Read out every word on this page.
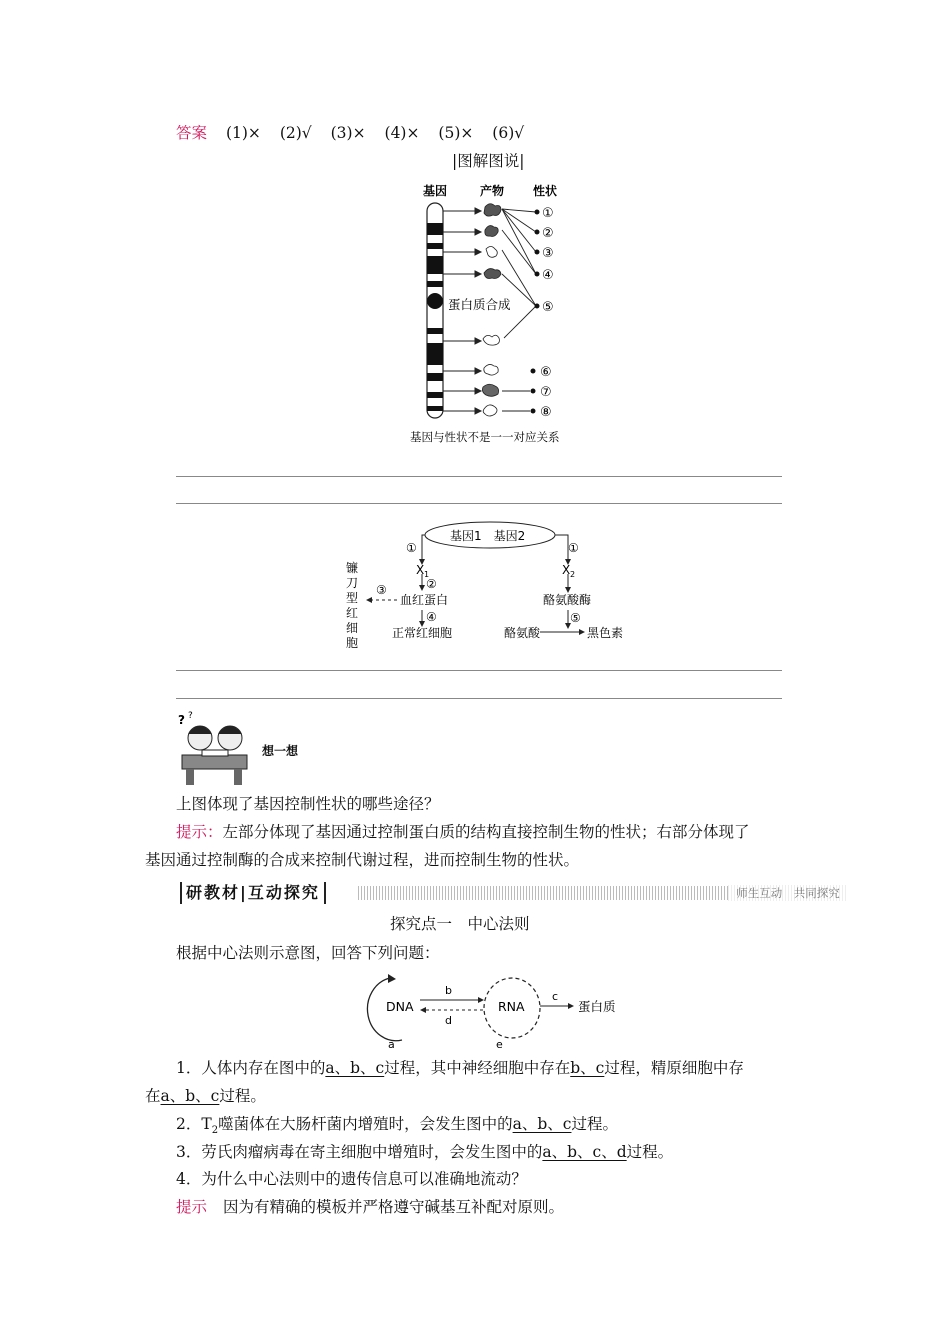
答案 (1)× (2)√ (3)× (4)× (5)× (6)√
|图解图说|
基因	产物 性状
蛋白质合成
①
②
③
④
⑤
⑥
⑦
⑧
基因与性状不是一一对应关系
基因1　基因2
①	①
X 1	X 2
②
③
血红蛋白
④
正常红细胞
酪氨酸酶
⑤
酪氨酸	黑色素
镰
刀
型
红
细
胞
? ?
想一想
上图体现了基因控制性状的哪些途径？
提示：左部分体现了基因通过控制蛋白质的结构直接控制生物的性状；右部分体现了
基因通过控制酶的合成来控制代谢过程，进而控制生物的性状。
研教材|互动探究	师生互动　共同探究
探究点一　中心法则
根据中心法则示意图，回答下列问题：
DNA
a
b
d
RNA
e
c
蛋白质
1．人体内存在图中的a、b、c过程，其中神经细胞中存在b、c过程，精原细胞中存
在a、b、c过程。
2．$T_2$噬菌体在大肠杆菌内增殖时，会发生图中的a、b、c过程。
3．劳氏肉瘤病毒在寄主细胞中增殖时，会发生图中的a、b、c、d过程。
4．为什么中心法则中的遗传信息可以准确地流动？
提示 因为有精确的模板并严格遵守碱基互补配对原则。
